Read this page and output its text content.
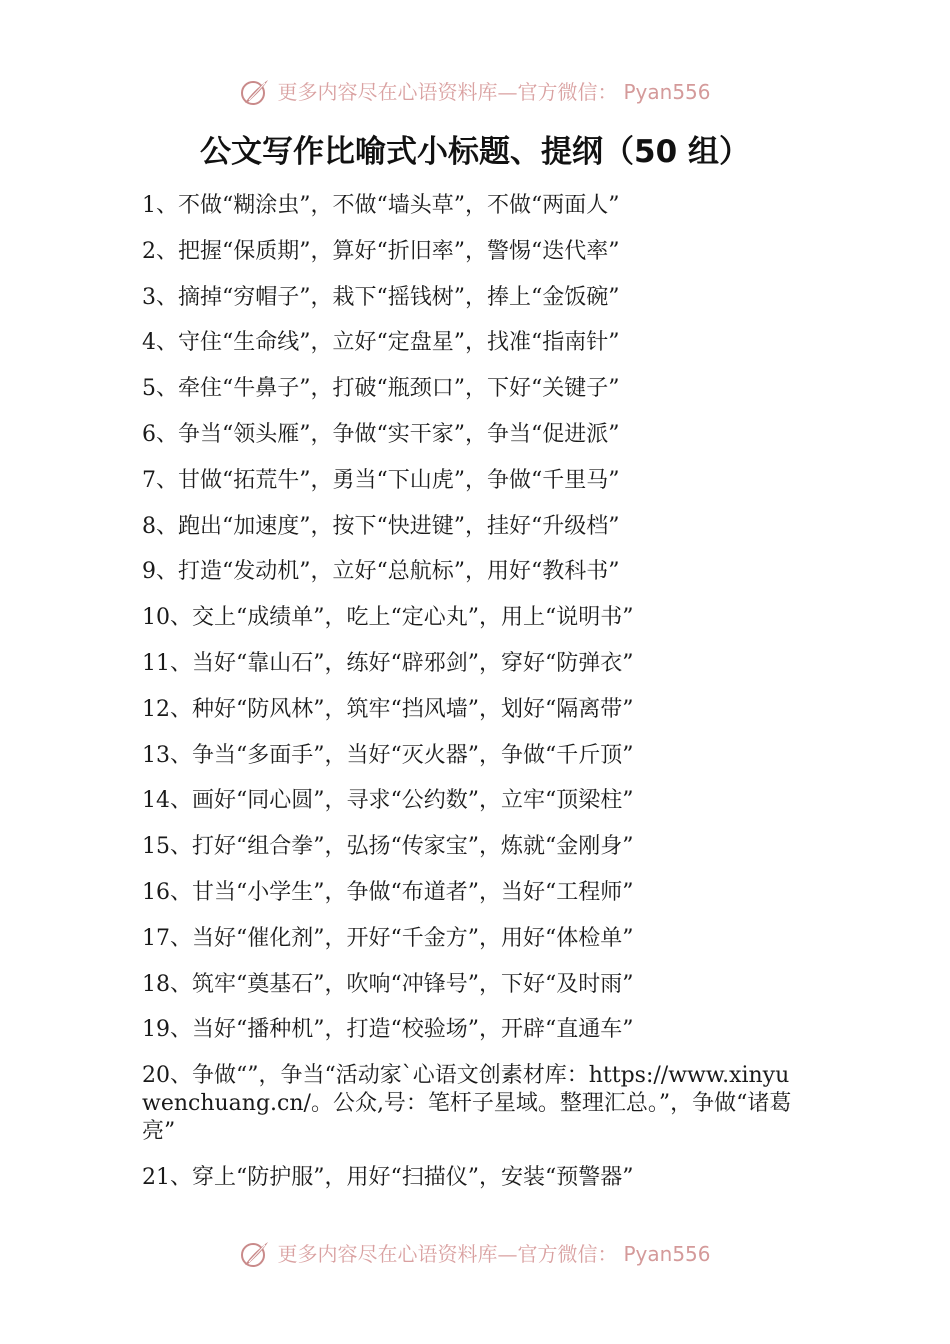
更多内容尽在心语资料库—官方微信： Pyan556
公文写作比喻式小标题、提纲（50 组）
1、不做“糊涂虫”，不做“墙头草”，不做“两面人”
2、把握“保质期”，算好“折旧率”，警惕“迭代率”
3、摘掉“穷帽子”，栽下“摇钱树”，捧上“金饭碗”
4、守住“生命线”，立好“定盘星”，找准“指南针”
5、牵住“牛鼻子”，打破“瓶颈口”，下好“关键子”
6、争当“领头雁”，争做“实干家”，争当“促进派”
7、甘做“拓荒牛”，勇当“下山虎”，争做“千里马”
8、跑出“加速度”，按下“快进键”，挂好“升级档”
9、打造“发动机”，立好“总航标”，用好“教科书”
10、交上“成绩单”，吃上“定心丸”，用上“说明书”
11、当好“靠山石”，练好“辟邪剑”，穿好“防弹衣”
12、种好“防风林”，筑牢“挡风墙”，划好“隔离带”
13、争当“多面手”，当好“灭火器”，争做“千斤顶”
14、画好“同心圆”，寻求“公约数”，立牢“顶梁柱”
15、打好“组合拳”，弘扬“传家宝”，炼就“金刚身”
16、甘当“小学生”，争做“布道者”，当好“工程师”
17、当好“催化剂”，开好“千金方”，用好“体检单”
18、筑牢“奠基石”，吹响“冲锋号”，下好“及时雨”
19、当好“播种机”，打造“校验场”，开辟“直通车”
20、争做“”，争当“活动家`心语文创素材库：https://www.xinyuwenchuang.cn/。公众,号：笔杆子星域。整理汇总。”，争做“诸葛亮”
21、穿上“防护服”，用好“扫描仪”，安装“预警器”
更多内容尽在心语资料库—官方微信： Pyan556
